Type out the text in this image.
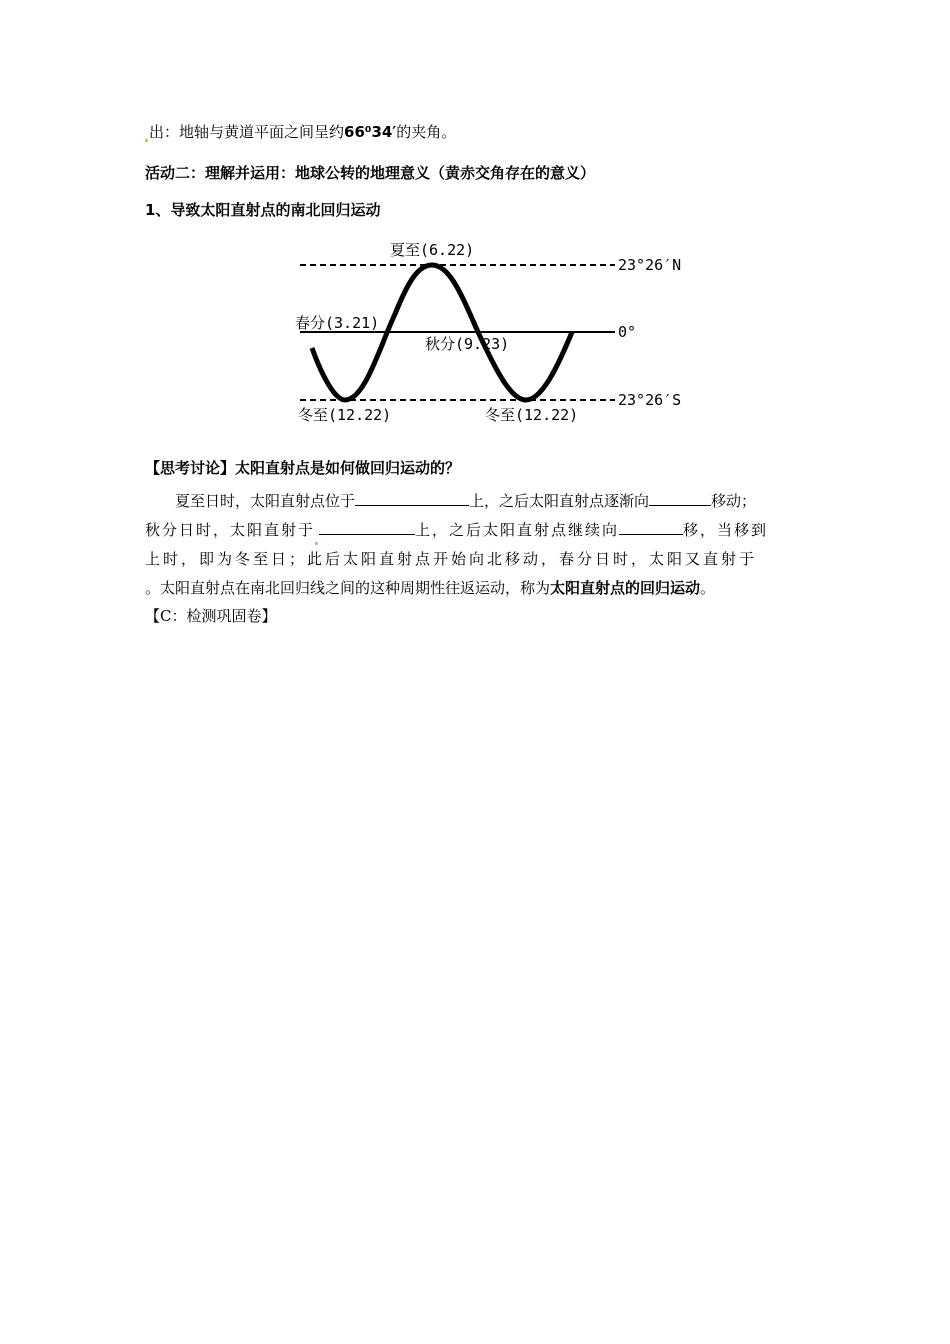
出：地轴与黄道平面之间呈约66⁰34′的夹角。
活动二：理解并运用：地球公转的地理意义（黄赤交角存在的意义）
1、导致太阳直射点的南北回归运动
夏至(6.22)
春分(3.21)
秋分(9.23)
冬至(12.22)	冬至(12.22)
23°26′N
0°
23°26′S
【思考讨论】太阳直射点是如何做回归运动的？
夏至日时，太阳直射点位于	上，之后太阳直射点逐渐向	移动；
秋分日时，太阳直射于	上，之后太阳直射点继续向	移，当移到
上时，即为冬至日；此后太阳直射点开始向北移动，春分日时，太阳又直射于
。太阳直射点在南北回归线之间的这种周期性往返运动，称为太阳直射点的回归运动。
【C：检测巩固卷】
